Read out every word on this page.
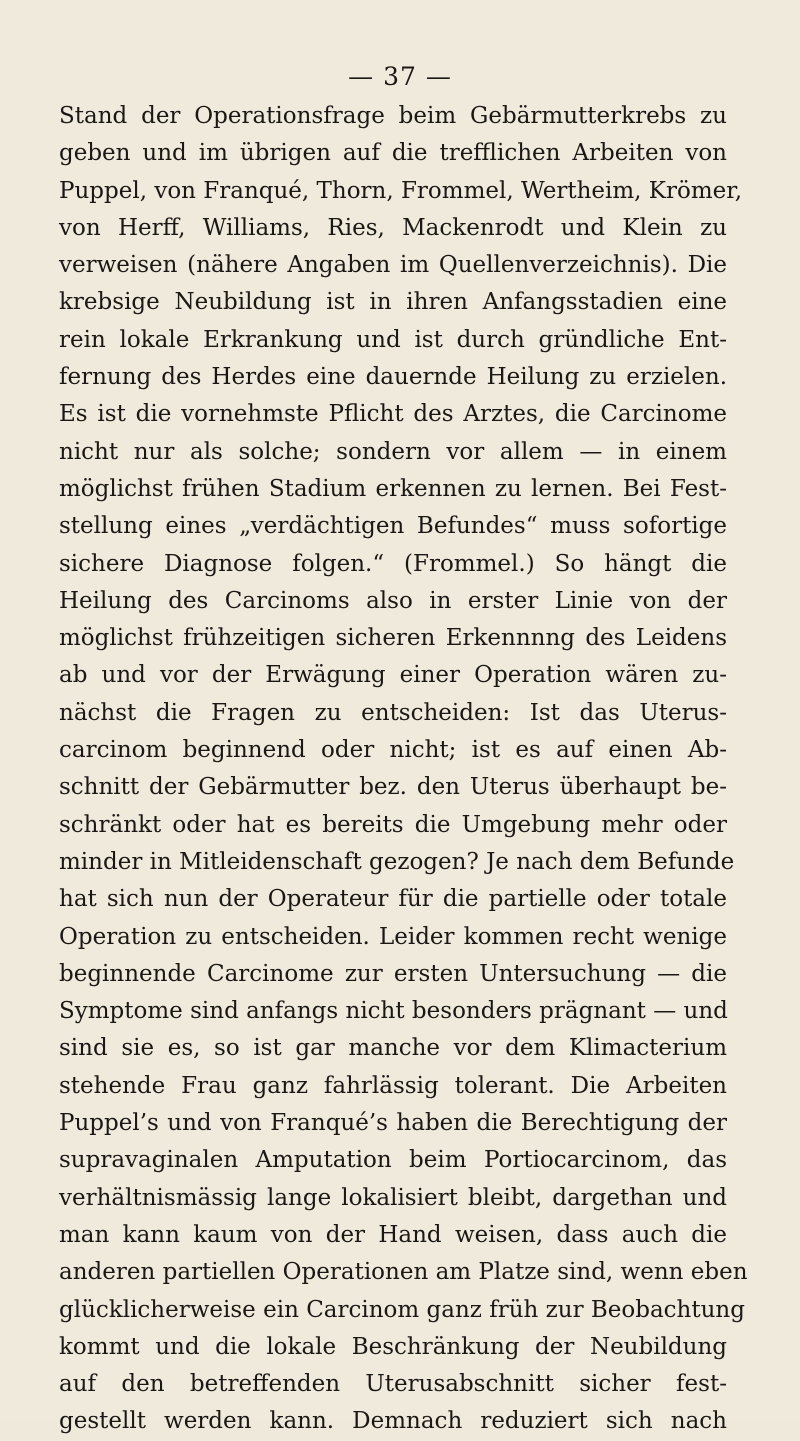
— 37 —
Stand der Operationsfrage beim Gebärmutterkrebs zu
geben und im übrigen auf die trefflichen Arbeiten von
Puppel, von Franqué, Thorn, Frommel, Wertheim, Krömer,
von Herff, Williams, Ries, Mackenrodt und Klein zu
verweisen (nähere Angaben im Quellenverzeichnis). Die
krebsige Neubildung ist in ihren Anfangsstadien eine
rein lokale Erkrankung und ist durch gründliche Ent-
fernung des Herdes eine dauernde Heilung zu erzielen.
Es ist die vornehmste Pflicht des Arztes, die Carcinome
nicht nur als solche; sondern vor allem — in einem
möglichst frühen Stadium erkennen zu lernen. Bei Fest-
stellung eines „verdächtigen Befundes“ muss sofortige
sichere Diagnose folgen.“ (Frommel.) So hängt die
Heilung des Carcinoms also in erster Linie von der
möglichst frühzeitigen sicheren Erkennnng des Leidens
ab und vor der Erwägung einer Operation wären zu-
nächst die Fragen zu entscheiden: Ist das Uterus-
carcinom beginnend oder nicht; ist es auf einen Ab-
schnitt der Gebärmutter bez. den Uterus überhaupt be-
schränkt oder hat es bereits die Umgebung mehr oder
minder in Mitleidenschaft gezogen? Je nach dem Befunde
hat sich nun der Operateur für die partielle oder totale
Operation zu entscheiden. Leider kommen recht wenige
beginnende Carcinome zur ersten Untersuchung — die
Symptome sind anfangs nicht besonders prägnant — und
sind sie es, so ist gar manche vor dem Klimacterium
stehende Frau ganz fahrlässig tolerant. Die Arbeiten
Puppel’s und von Franqué’s haben die Berechtigung der
supravaginalen Amputation beim Portiocarcinom, das
verhältnismässig lange lokalisiert bleibt, dargethan und
man kann kaum von der Hand weisen, dass auch die
anderen partiellen Operationen am Platze sind, wenn eben
glücklicherweise ein Carcinom ganz früh zur Beobachtung
kommt und die lokale Beschränkung der Neubildung
auf den betreffenden Uterusabschnitt sicher fest-
gestellt werden kann. Demnach reduziert sich nach
